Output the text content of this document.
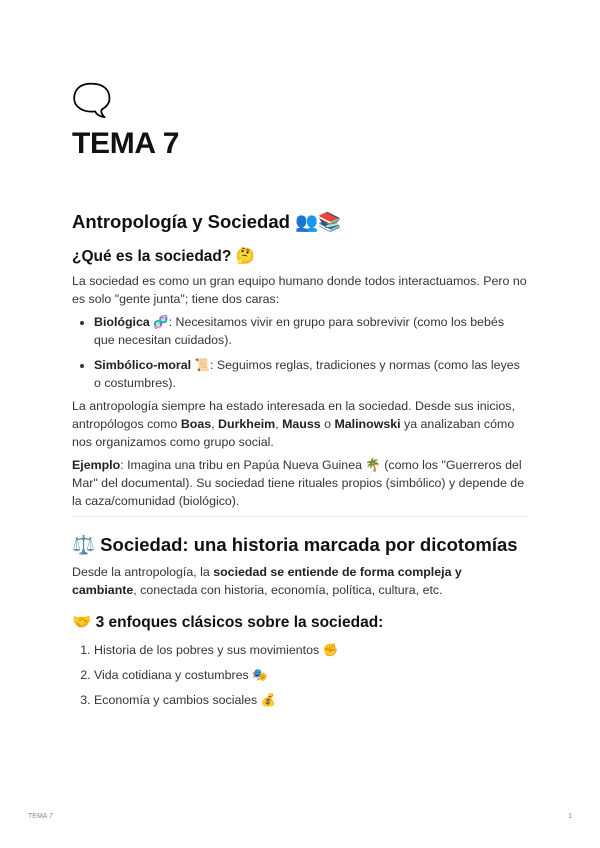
🗨️
TEMA 7
Antropología y Sociedad 👥📚
¿Qué es la sociedad? 🤔

La sociedad es como un gran equipo humano donde todos interactuamos. Pero no es solo "gente junta"; tiene dos caras:

• Biológica 🧬: Necesitamos vivir en grupo para sobrevivir (como los bebés que necesitan cuidados).
• Simbólico-moral 📜: Seguimos reglas, tradiciones y normas (como las leyes o costumbres).

La antropología siempre ha estado interesada en la sociedad. Desde sus inicios, antropólogos como Boas, Durkheim, Mauss o Malinowski ya analizaban cómo nos organizamos como grupo social.

Ejemplo: Imagina una tribu en Papúa Nueva Guinea 🌴 (como los "Guerreros del Mar" del documental). Su sociedad tiene rituales propios (simbólico) y depende de la caza/comunidad (biológico).

⚖️ Sociedad: una historia marcada por dicotomías

Desde la antropología, la sociedad se entiende de forma compleja y cambiante, conectada con historia, economía, política, cultura, etc.

🤝 3 enfoques clásicos sobre la sociedad:
1. Historia de los pobres y sus movimientos ✊
2. Vida cotidiana y costumbres 🎭
3. Economía y cambios sociales 💰
TEMA 7	1
